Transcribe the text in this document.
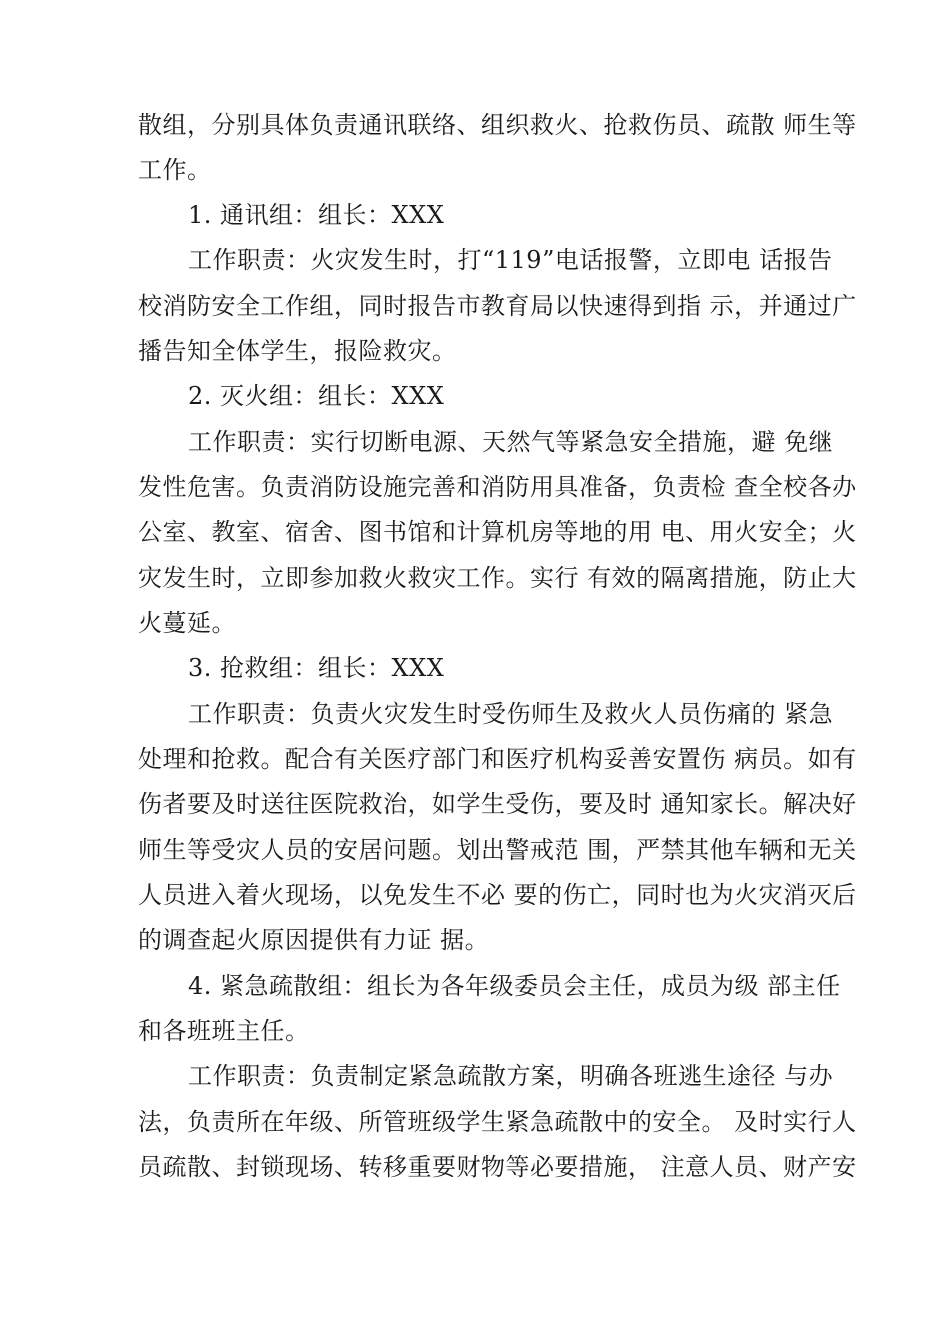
散组，分别具体负责通讯联络、组织救火、抢救伤员、疏散 师生等
工作。
1. 通讯组：组长：XXX
工作职责：火灾发生时，打“119”电话报警，立即电 话报告
校消防安全工作组，同时报告市教育局以快速得到指 示，并通过广
播告知全体学生，报险救灾。
2. 灭火组：组长：XXX
工作职责：实行切断电源、天然气等紧急安全措施，避 免继
发性危害。负责消防设施完善和消防用具准备，负责检 查全校各办
公室、教室、宿舍、图书馆和计算机房等地的用 电、用火安全；火
灾发生时，立即参加救火救灾工作。实行 有效的隔离措施，防止大
火蔓延。
3. 抢救组：组长：XXX
工作职责：负责火灾发生时受伤师生及救火人员伤痛的 紧急
处理和抢救。配合有关医疗部门和医疗机构妥善安置伤 病员。如有
伤者要及时送往医院救治，如学生受伤，要及时 通知家长。解决好
师生等受灾人员的安居问题。划出警戒范 围，严禁其他车辆和无关
人员进入着火现场，以免发生不必 要的伤亡，同时也为火灾消灭后
的调查起火原因提供有力证 据。
4. 紧急疏散组：组长为各年级委员会主任，成员为级 部主任
和各班班主任。
工作职责：负责制定紧急疏散方案，明确各班逃生途径 与办
法，负责所在年级、所管班级学生紧急疏散中的安全。 及时实行人
员疏散、封锁现场、转移重要财物等必要措施， 注意人员、财产安
